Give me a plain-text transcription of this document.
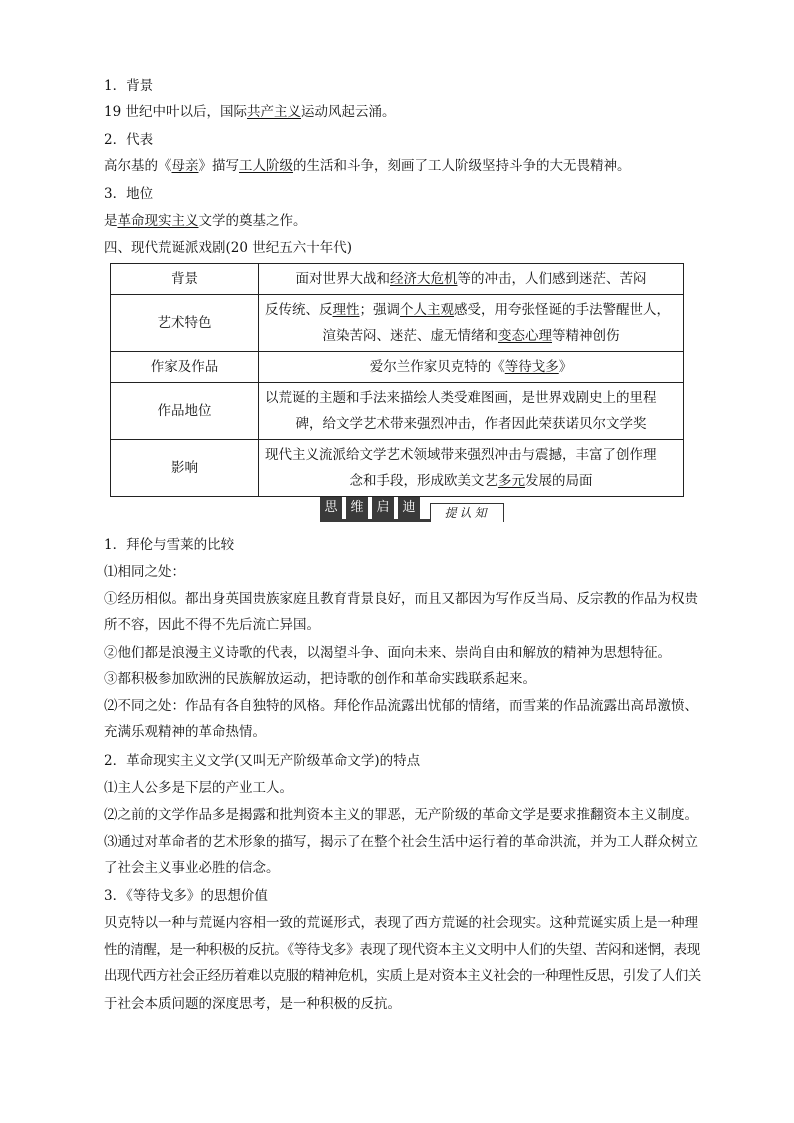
1．背景
19 世纪中叶以后，国际共产主义运动风起云涌。
2．代表
高尔基的《母亲》描写工人阶级的生活和斗争，刻画了工人阶级坚持斗争的大无畏精神。
3．地位
是革命现实主义文学的奠基之作。
四、现代荒诞派戏剧(20 世纪五六十年代)
背景	面对世界大战和经济大危机等的冲击，人们感到迷茫、苦闷
艺术特色	反传统、反理性；强调个人主观感受，用夸张怪诞的手法警醒世人，
渲染苦闷、迷茫、虚无情绪和变态心理等精神创伤

作家及作品	爱尔兰作家贝克特的《等待戈多》
作品地位	以荒诞的主题和手法来描绘人类受难图画，是世界戏剧史上的里程
碑，给文学艺术带来强烈冲击，作者因此荣获诺贝尔文学奖

影响	现代主义流派给文学艺术领域带来强烈冲击与震撼，丰富了创作理
念和手段，形成欧美文艺多元发展的局面
思 维 启 迪	提认知
1．拜伦与雪莱的比较
⑴相同之处：
①经历相似。都出身英国贵族家庭且教育背景良好，而且又都因为写作反当局、反宗教的作品为权贵
所不容，因此不得不先后流亡异国。
②他们都是浪漫主义诗歌的代表，以渴望斗争、面向未来、崇尚自由和解放的精神为思想特征。
③都积极参加欧洲的民族解放运动，把诗歌的创作和革命实践联系起来。
⑵不同之处：作品有各自独特的风格。拜伦作品流露出忧郁的情绪，而雪莱的作品流露出高昂激愤、
充满乐观精神的革命热情。
2．革命现实主义文学(又叫无产阶级革命文学)的特点
⑴主人公多是下层的产业工人。
⑵之前的文学作品多是揭露和批判资本主义的罪恶，无产阶级的革命文学是要求推翻资本主义制度。
⑶通过对革命者的艺术形象的描写，揭示了在整个社会生活中运行着的革命洪流，并为工人群众树立
了社会主义事业必胜的信念。
3．《等待戈多》的思想价值
贝克特以一种与荒诞内容相一致的荒诞形式，表现了西方荒诞的社会现实。这种荒诞实质上是一种理
性的清醒，是一种积极的反抗。《等待戈多》表现了现代资本主义文明中人们的失望、苦闷和迷惘，表现
出现代西方社会正经历着难以克服的精神危机，实质上是对资本主义社会的一种理性反思，引发了人们关
于社会本质问题的深度思考，是一种积极的反抗。
